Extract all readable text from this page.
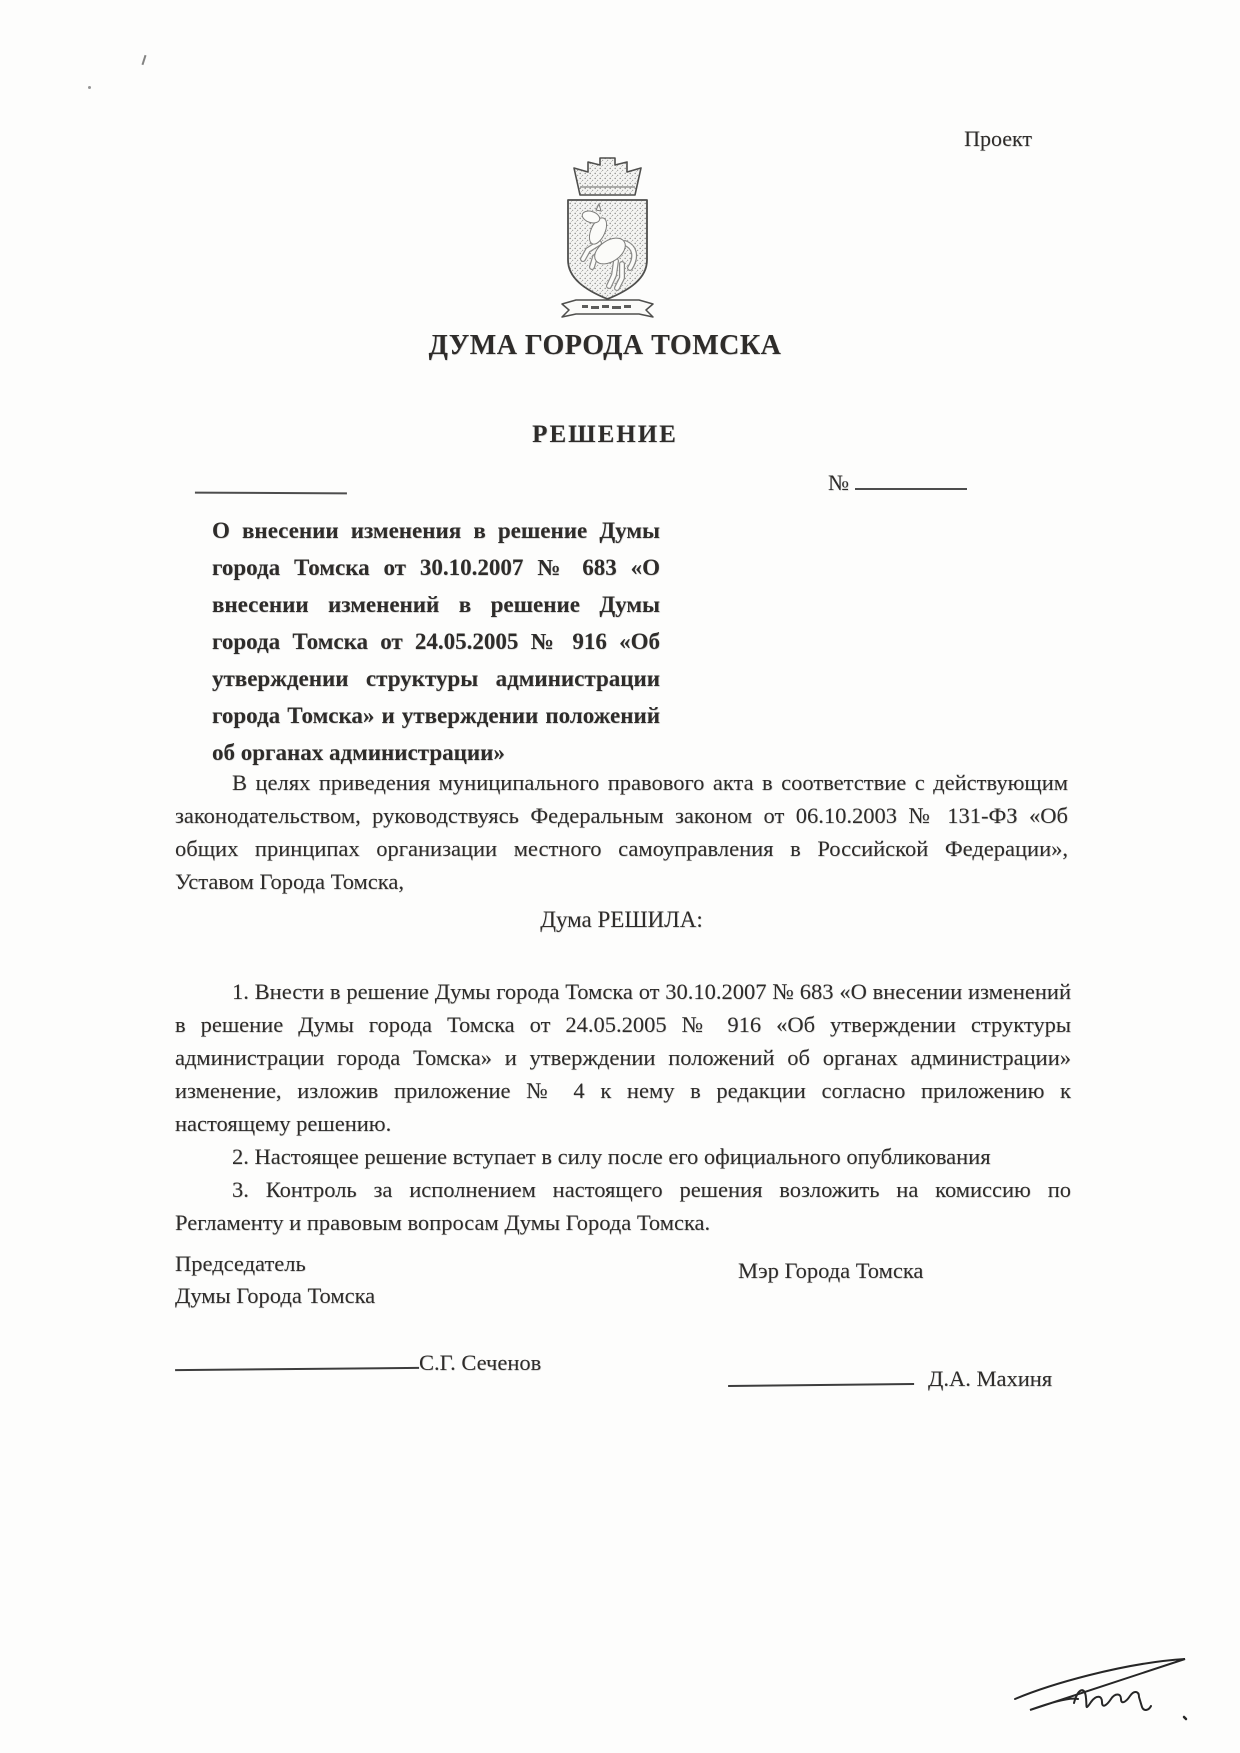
Проект
ДУМА ГОРОДА ТОМСКА
РЕШЕНИЕ
№
О внесении изменения в решение Думы города Томска от 30.10.2007 № 683 «О внесении изменений в решение Думы города Томска от 24.05.2005 № 916 «Об утверждении структуры администрации города Томска» и утверждении положений об органах администрации»

В целях приведения муниципального правового акта в соответствие с действующим законодательством, руководствуясь Федеральным законом от 06.10.2003 № 131-ФЗ «Об общих принципах организации местного самоуправления в Российской Федерации», Уставом Города Томска,

Дума РЕШИЛА:

1. Внести в решение Думы города Томска от 30.10.2007 № 683 «О внесении изменений в решение Думы города Томска от 24.05.2005 № 916 «Об утверждении структуры администрации города Томска» и утверждении положений об органах администрации» изменение, изложив приложение № 4 к нему в редакции согласно приложению к настоящему решению.

2. Настоящее решение вступает в силу после его официального опубликования

3. Контроль за исполнением настоящего решения возложить на комиссию по Регламенту и правовым вопросам Думы Города Томска.

Председатель
Думы Города Томска
Мэр Города Томска
С.Г. Сеченов
Д.А. Махиня
